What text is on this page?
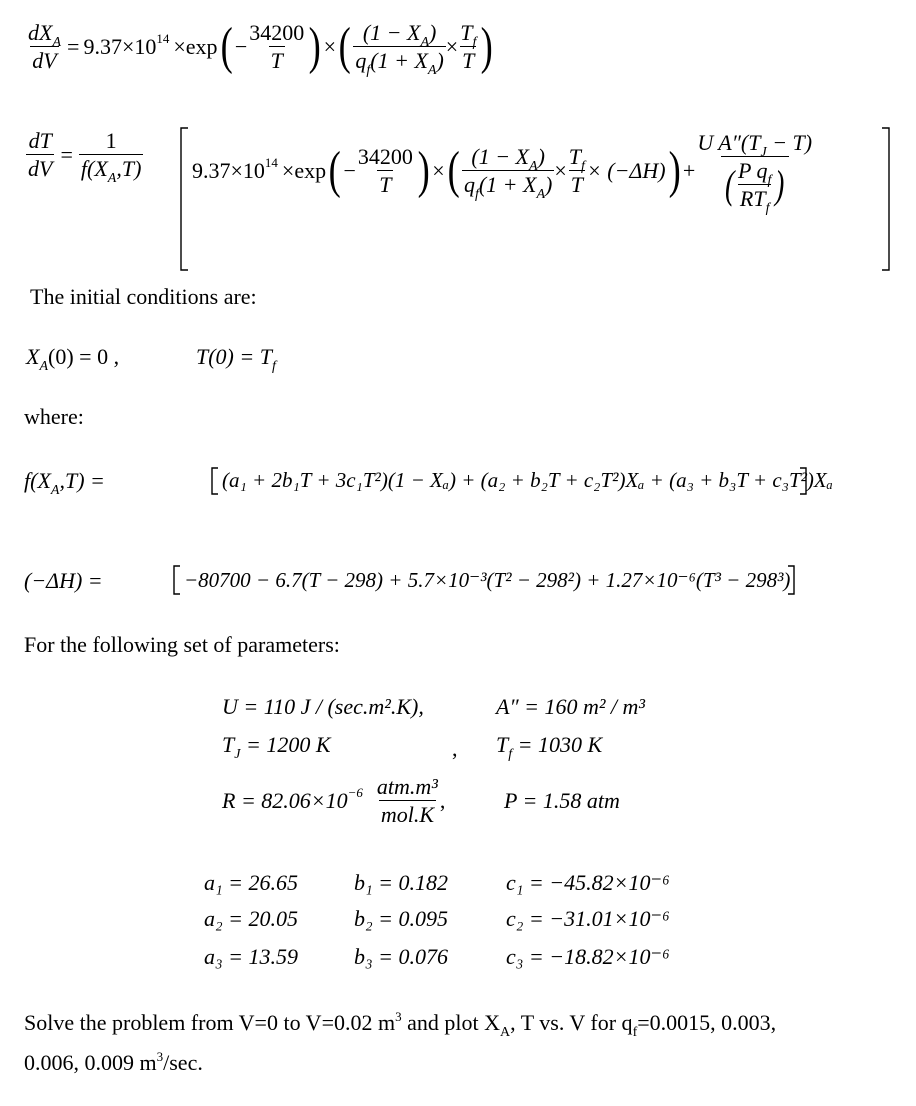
$\frac{dX_A}{dV} = 9.37 \times 10$ 14 × exp ( − $\frac{34200}{T}$ ) × ( $\frac{(1 - X_A)}{q_f(1 + X_A)} \times \frac{T_f}{T}$ )
$\frac{dT}{dV} = \frac{1}{f(X_A,T)} 9.37 \times 10$ 14 × exp ( − $\frac{34200}{T}$ ) × ( $\frac{(1 - X_A)}{q_f(1 + X_A)} \times \frac{T_f}{T} \times (-\Delta H)$ ) + $\frac{U A''(T_J - T)}{( \frac{P q_f}{RT_f} )}$
The initial conditions are:
$X_A(0) = 0$ ,	$T(0) = T_f$
where:
$f(X_A,T)$ =	(a₁ + 2b₁T + 3c₁T²)(1 − Xₐ) + (a₂ + b₂T + c₂T²)Xₐ + (a₃ + b₃T + c₃T²)Xₐ
(−ΔH) =	−80700 − 6.7(T − 298) + 5.7×10⁻³(T² − 298²) + 1.27×10⁻⁶(T³ − 298³)
For the following set of parameters:
U = 110 J / (sec.m².K),	A″ = 160 m² / m³
$T_J = 1200$ K	, $T_f = 1030$ K
$R = 82.06\times 10 -6 \frac{\text{atm.m³}}{\text{mol.K}}$ ,	P = 1.58 atm
a₁ = 26.65	b₁ = 0.182	c₁ = −45.82×10⁻⁶
a₂ = 20.05	b₂ = 0.095	c₂ = −31.01×10⁻⁶
a₃ = 13.59	b₃ = 0.076	c₃ = −18.82×10⁻⁶
Solve the problem from V=0 to V=0.02 $m^3$ and plot $X_A$, T vs. V for $q_f=0.0015$, 0.003,
0.006, 0.009 $m^3/\sec$.
